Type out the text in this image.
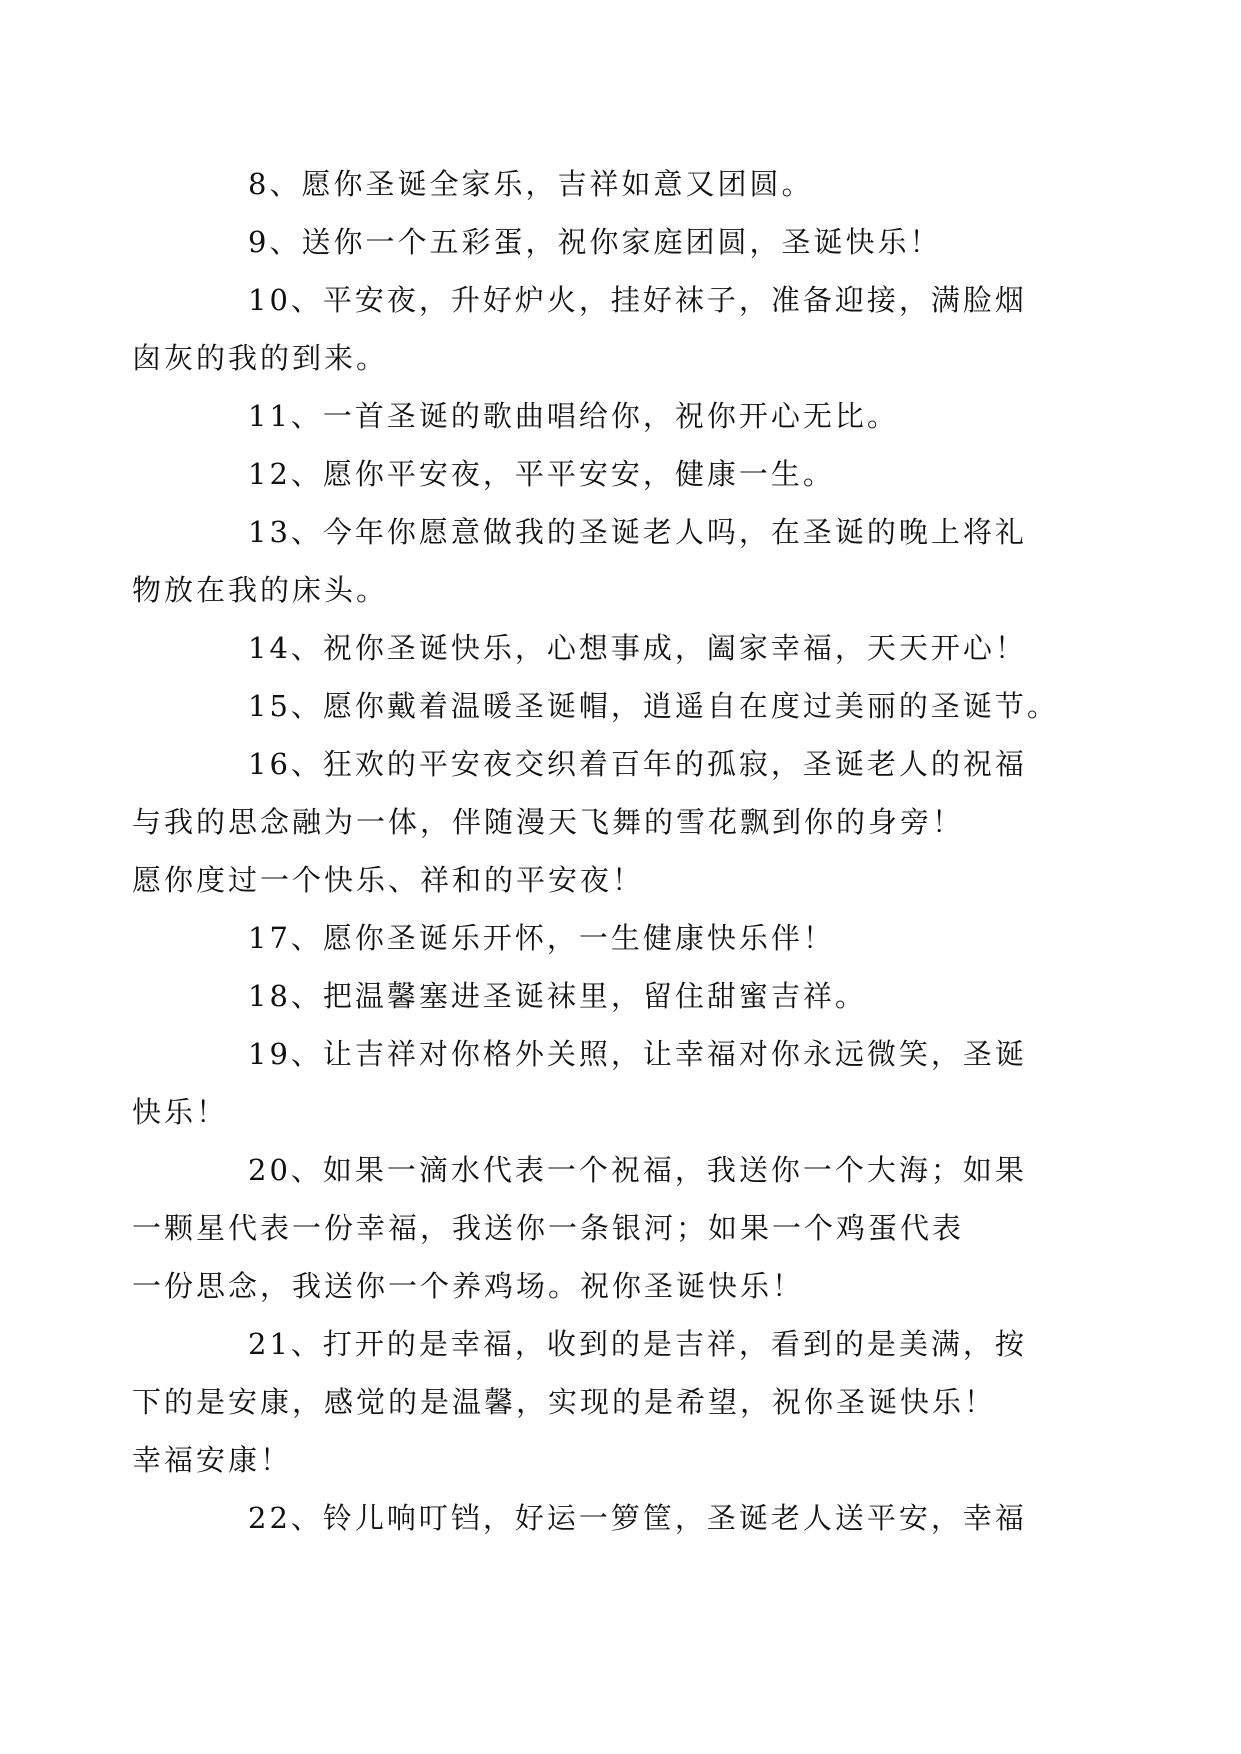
8、愿你圣诞全家乐，吉祥如意又团圆。
9、送你一个五彩蛋，祝你家庭团圆，圣诞快乐！
10、平安夜，升好炉火，挂好袜子，准备迎接，满脸烟
囱灰的我的到来。
11、一首圣诞的歌曲唱给你，祝你开心无比。
12、愿你平安夜，平平安安，健康一生。
13、今年你愿意做我的圣诞老人吗，在圣诞的晚上将礼
物放在我的床头。
14、祝你圣诞快乐，心想事成，阖家幸福，天天开心！
15、愿你戴着温暖圣诞帽，逍遥自在度过美丽的圣诞节。
16、狂欢的平安夜交织着百年的孤寂，圣诞老人的祝福
与我的思念融为一体，伴随漫天飞舞的雪花飘到你的身旁！
愿你度过一个快乐、祥和的平安夜！
17、愿你圣诞乐开怀，一生健康快乐伴！
18、把温馨塞进圣诞袜里，留住甜蜜吉祥。
19、让吉祥对你格外关照，让幸福对你永远微笑，圣诞
快乐！
20、如果一滴水代表一个祝福，我送你一个大海；如果
一颗星代表一份幸福，我送你一条银河；如果一个鸡蛋代表
一份思念，我送你一个养鸡场。祝你圣诞快乐！
21、打开的是幸福，收到的是吉祥，看到的是美满，按
下的是安康，感觉的是温馨，实现的是希望，祝你圣诞快乐！
幸福安康！
22、铃儿响叮铛，好运一箩筐，圣诞老人送平安，幸福
